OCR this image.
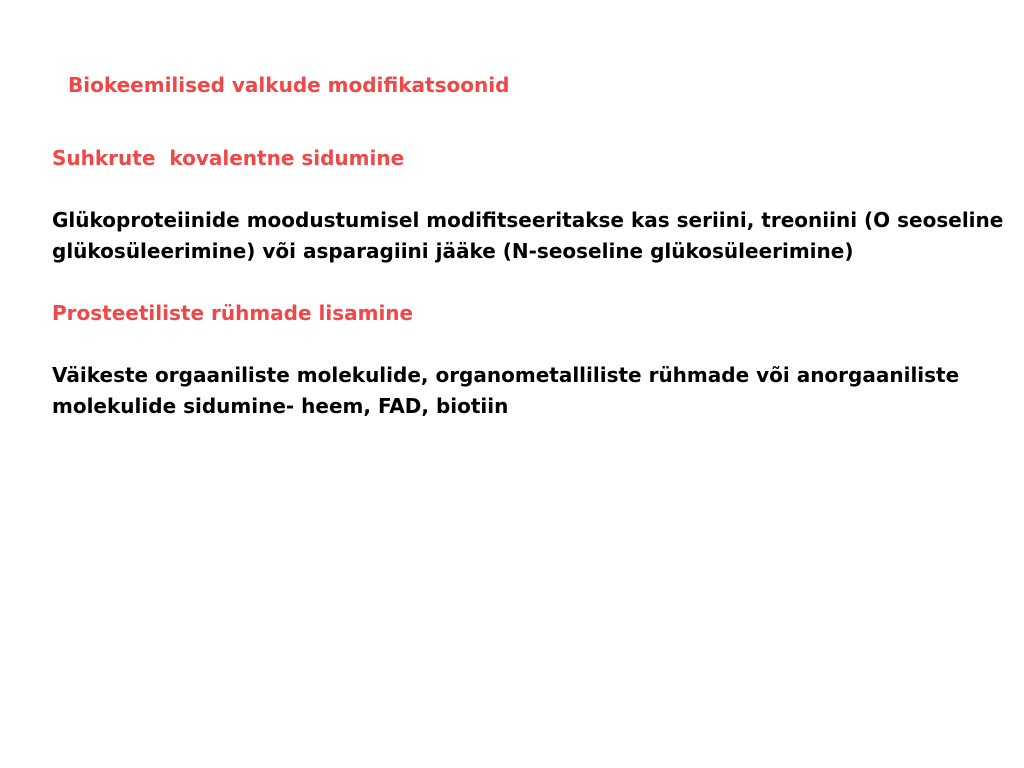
Biokeemilised valkude modifikatsoonid

Suhkrute  kovalentne sidumine

Glükoproteiinide moodustumisel modifitseeritakse kas seriini, treoniini (O seoseline glükosüleerimine) või asparagiini jääke (N-seoseline glükosüleerimine)

Prosteetiliste rühmade lisamine

Väikeste orgaaniliste molekulide, organometalliliste rühmade või anorgaaniliste molekulide sidumine- heem, FAD, biotiin
